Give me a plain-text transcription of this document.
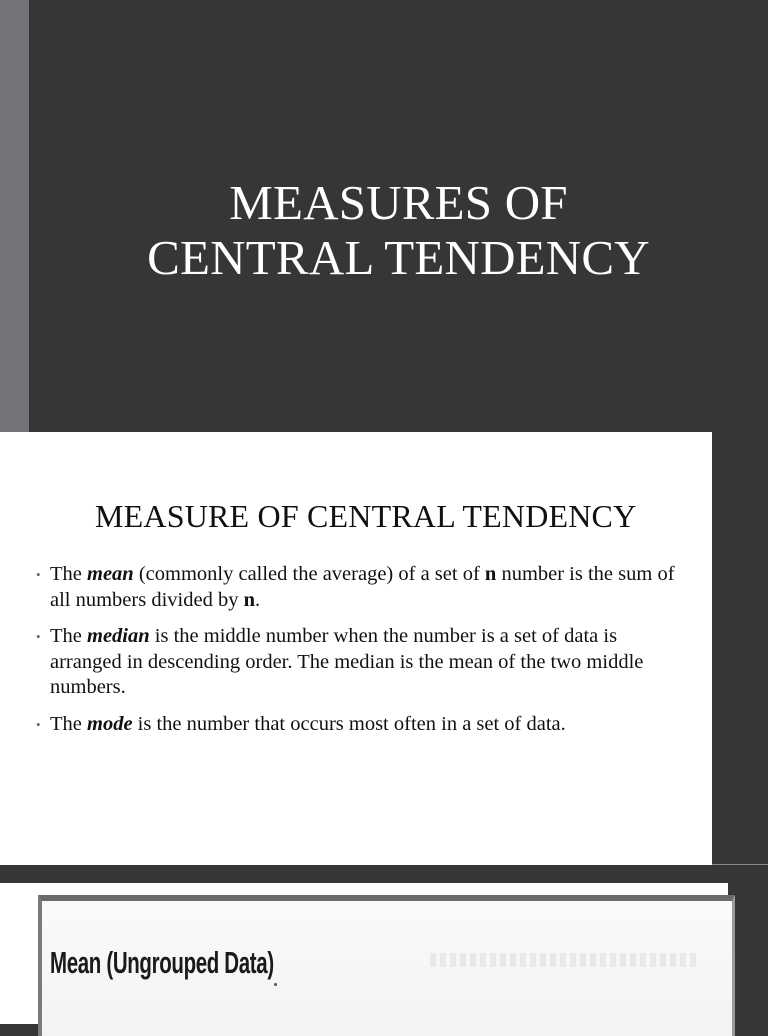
MEASURES OF
CENTRAL TENDENCY
MEASURE OF CENTRAL TENDENCY
• The mean (commonly called the average) of a set of n number is the sum of all numbers divided by n.
• The median is the middle number when the number is a set of data is arranged in descending order. The median is the mean of the two middle numbers.
• The mode is the number that occurs most often in a set of data.
Mean (Ungrouped Data)
